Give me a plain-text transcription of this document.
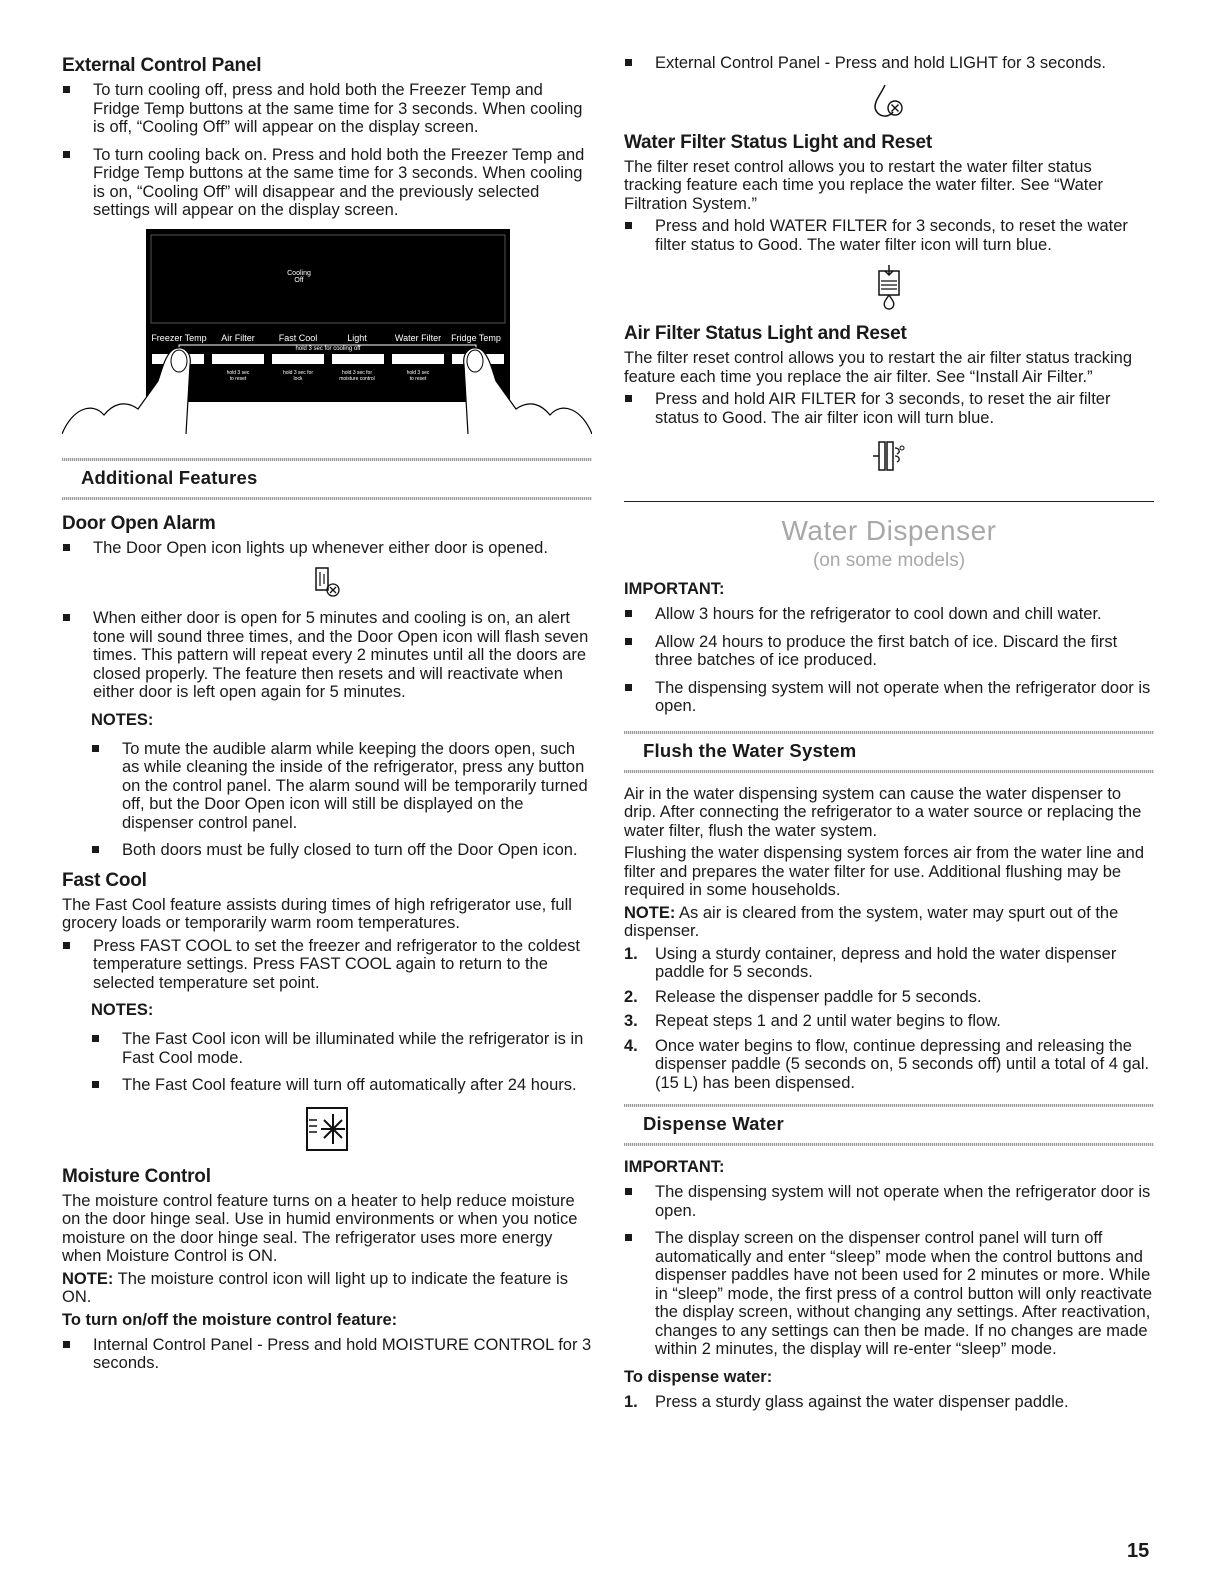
External Control Panel
To turn cooling off, press and hold both the Freezer Temp and Fridge Temp buttons at the same time for 3 seconds. When cooling is off, “Cooling Off” will appear on the display screen.
To turn cooling back on. Press and hold both the Freezer Temp and Fridge Temp buttons at the same time for 3 seconds. When cooling is on, “Cooling Off” will disappear and the previously selected settings will appear on the display screen.
Cooling
Off
Freezer Temp Air Filter	Fast Cool	Light	Water Filter Fridge Temp
hold 3 sec for cooling off
hold 3 sec
to reset
hold 3 sec for
lock
hold 3 sec for
moisture control
hold 3 sec
to reset
Additional Features
Door Open Alarm
The Door Open icon lights up whenever either door is opened.
When either door is open for 5 minutes and cooling is on, an alert tone will sound three times, and the Door Open icon will flash seven times. This pattern will repeat every 2 minutes until all the doors are closed properly. The feature then resets and will reactivate when either door is left open again for 5 minutes.
NOTES:
To mute the audible alarm while keeping the doors open, such as while cleaning the inside of the refrigerator, press any button on the control panel. The alarm sound will be temporarily turned off, but the Door Open icon will still be displayed on the dispenser control panel.
Both doors must be fully closed to turn off the Door Open icon.
Fast Cool

The Fast Cool feature assists during times of high refrigerator use, full grocery loads or temporarily warm room temperatures.

Press FAST COOL to set the freezer and refrigerator to the coldest temperature settings. Press FAST COOL again to return to the selected temperature set point.
NOTES:
The Fast Cool icon will be illuminated while the refrigerator is in Fast Cool mode.
The Fast Cool feature will turn off automatically after 24 hours.
Moisture Control

The moisture control feature turns on a heater to help reduce moisture on the door hinge seal. Use in humid environments or when you notice moisture on the door hinge seal. The refrigerator uses more energy when Moisture Control is ON.

NOTE: The moisture control icon will light up to indicate the feature is ON.

To turn on/off the moisture control feature:
Internal Control Panel - Press and hold MOISTURE CONTROL for 3 seconds.
External Control Panel - Press and hold LIGHT for 3 seconds.
Water Filter Status Light and Reset

The filter reset control allows you to restart the water filter status tracking feature each time you replace the water filter. See “Water Filtration System.”

Press and hold WATER FILTER for 3 seconds, to reset the water filter status to Good. The water filter icon will turn blue.
Air Filter Status Light and Reset

The filter reset control allows you to restart the air filter status tracking feature each time you replace the air filter. See “Install Air Filter.”

Press and hold AIR FILTER for 3 seconds, to reset the air filter status to Good. The air filter icon will turn blue.
Water Dispenser
(on some models)
IMPORTANT:
Allow 3 hours for the refrigerator to cool down and chill water.
Allow 24 hours to produce the first batch of ice. Discard the first three batches of ice produced.
The dispensing system will not operate when the refrigerator door is open.
Flush the Water System

Air in the water dispensing system can cause the water dispenser to drip. After connecting the refrigerator to a water source or replacing the water filter, flush the water system.

Flushing the water dispensing system forces air from the water line and filter and prepares the water filter for use. Additional flushing may be required in some households.

NOTE: As air is cleared from the system, water may spurt out of the dispenser.

1. Using a sturdy container, depress and hold the water dispenser paddle for 5 seconds.
2. Release the dispenser paddle for 5 seconds.
3. Repeat steps 1 and 2 until water begins to flow.
4. Once water begins to flow, continue depressing and releasing the dispenser paddle (5 seconds on, 5 seconds off) until a total of 4 gal. (15 L) has been dispensed.
Dispense Water
IMPORTANT:
The dispensing system will not operate when the refrigerator door is open.
The display screen on the dispenser control panel will turn off automatically and enter “sleep” mode when the control buttons and dispenser paddles have not been used for 2 minutes or more. While in “sleep” mode, the first press of a control button will only reactivate the display screen, without changing any settings. After reactivation, changes to any settings can then be made. If no changes are made within 2 minutes, the display will re-enter “sleep” mode.
To dispense water:
1. Press a sturdy glass against the water dispenser paddle.
15
